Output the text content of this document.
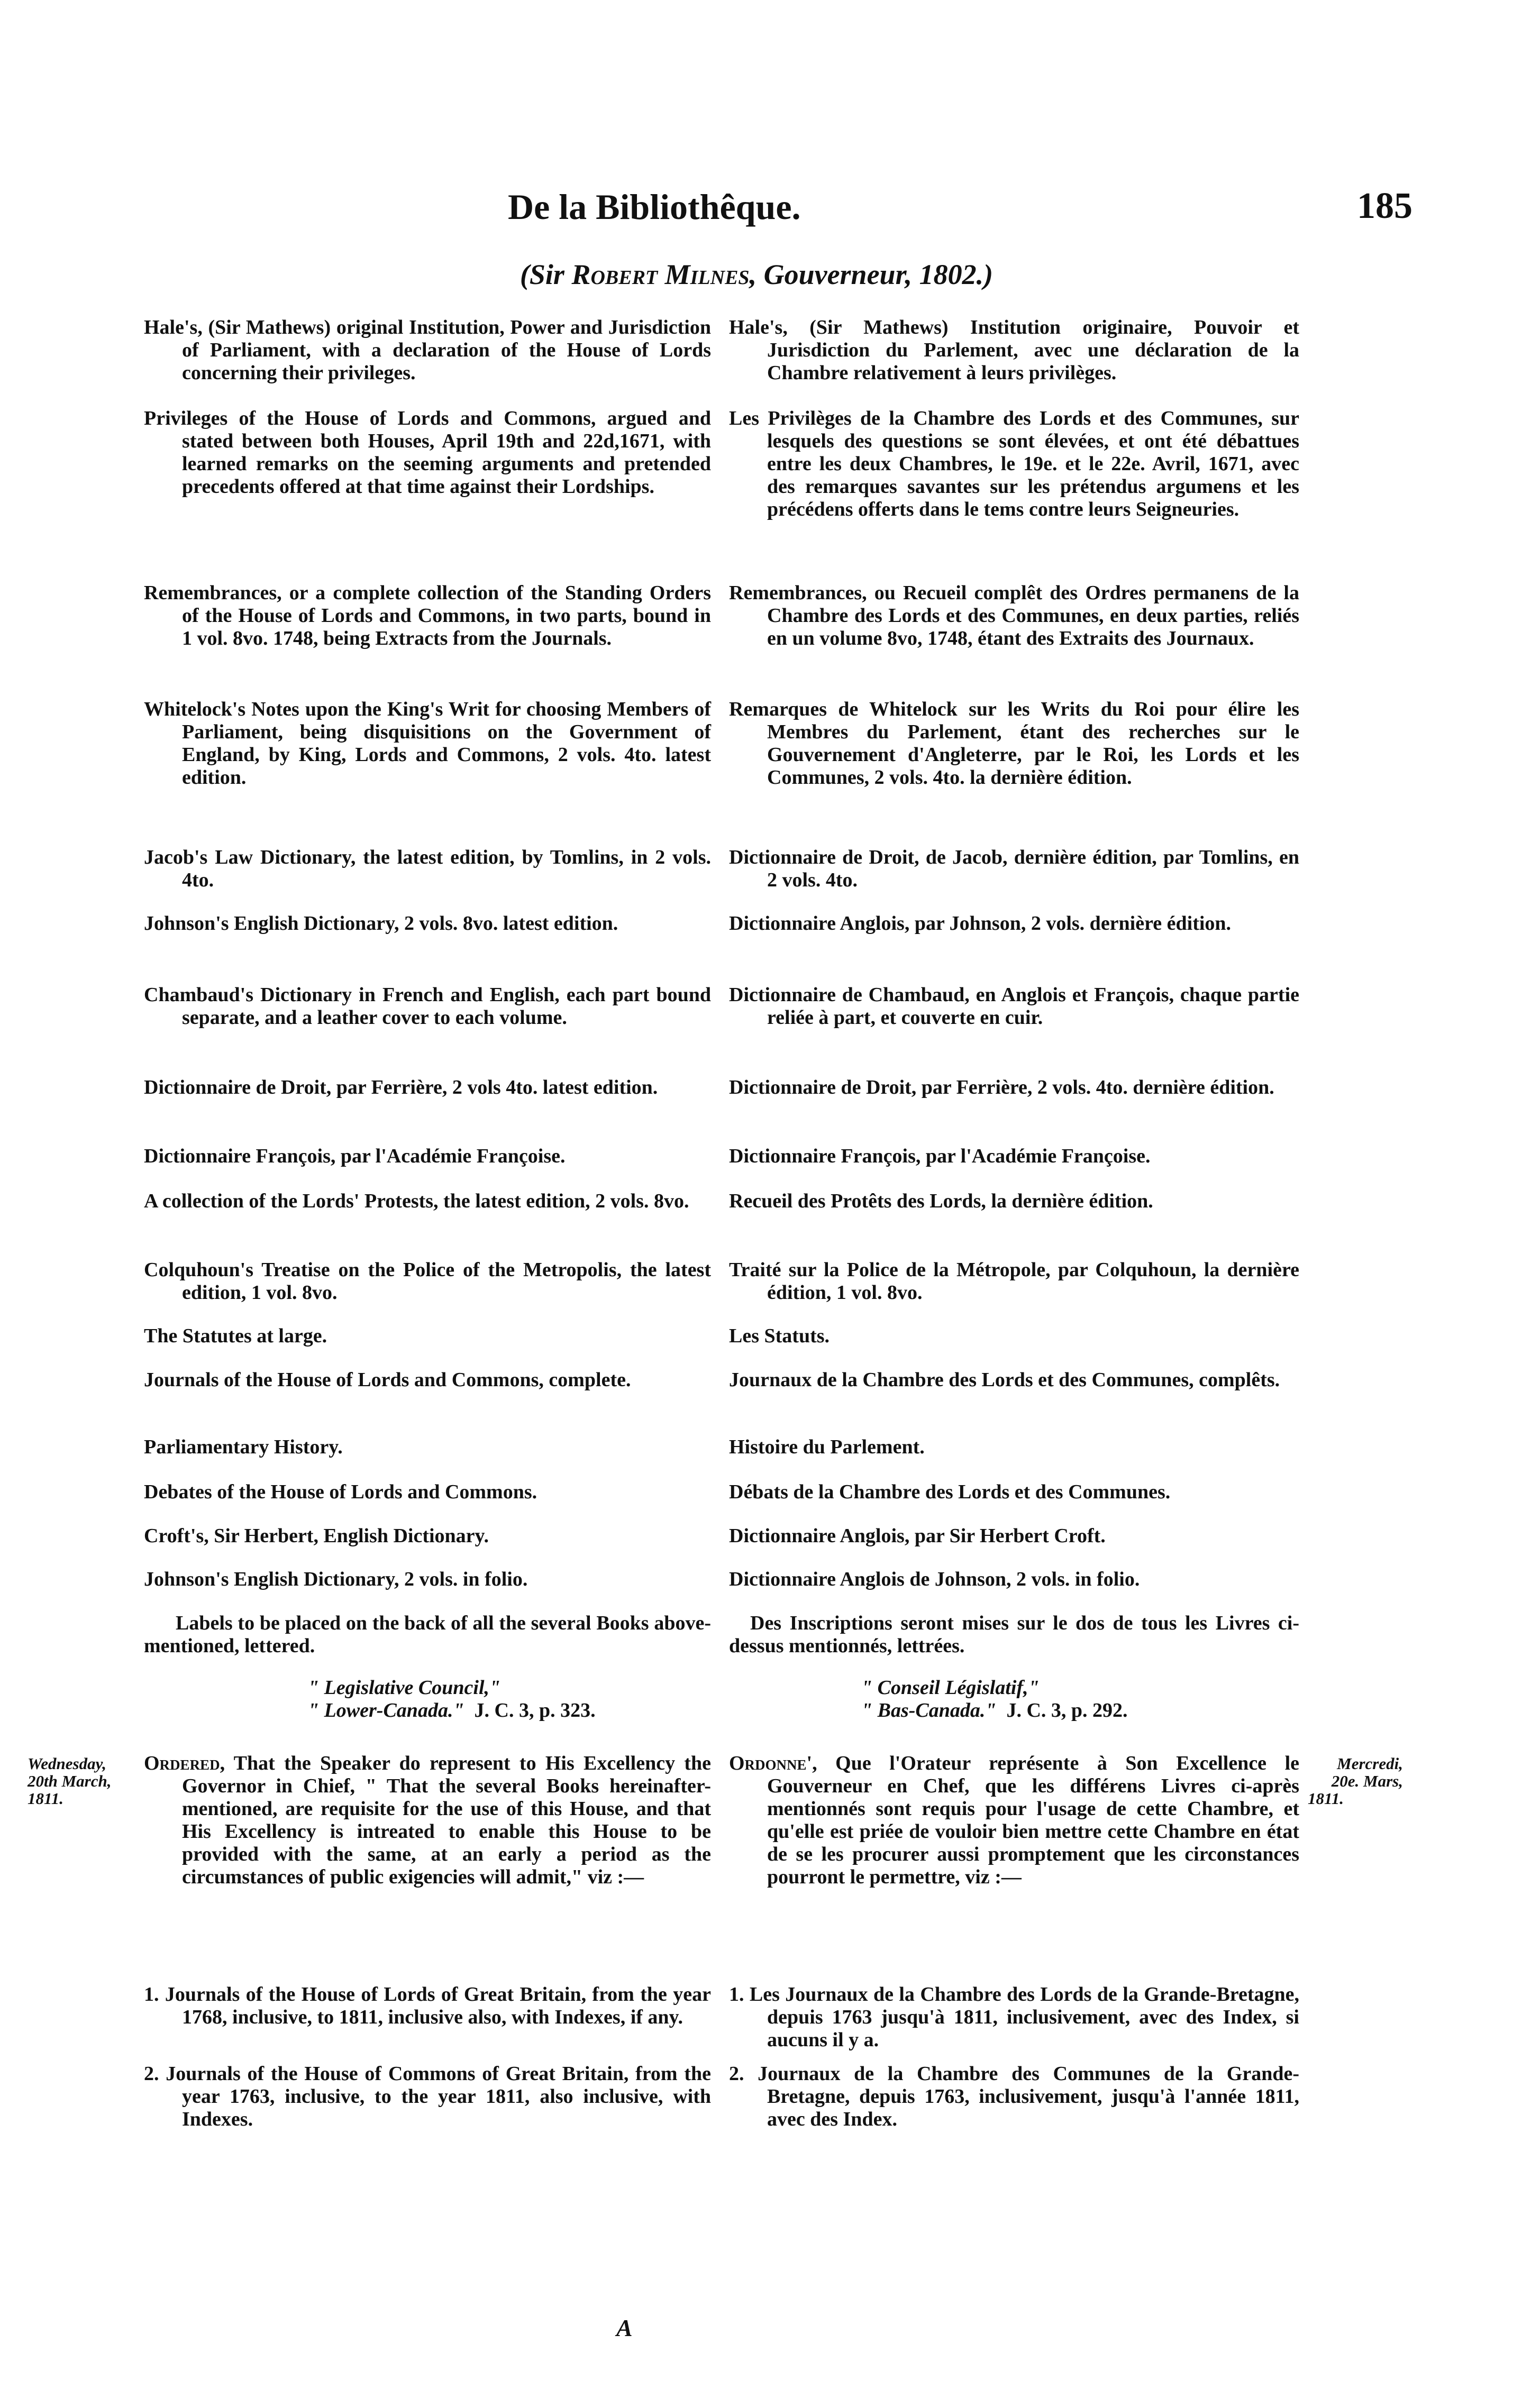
De la Bibliothêque.	185
(Sir Robert Milnes, Gouverneur, 1802.)
Hale's, (Sir Mathews) original Institution, Power and Jurisdiction of Parliament, with a declaration of the House of Lords concerning their privileges.
Privileges of the House of Lords and Commons, argued and stated between both Houses, April 19th and 22d,1671, with learned remarks on the seeming arguments and pretended precedents offered at that time against their Lordships.
Remembrances, or a complete collection of the Standing Orders of the House of Lords and Commons, in two parts, bound in 1 vol. 8vo. 1748, being Extracts from the Journals.
Whitelock's Notes upon the King's Writ for choosing Members of Parliament, being disquisitions on the Government of England, by King, Lords and Commons, 2 vols. 4to. latest edition.
Jacob's Law Dictionary, the latest edition, by Tomlins, in 2 vols. 4to.
Johnson's English Dictionary, 2 vols. 8vo. latest edition.
Chambaud's Dictionary in French and English, each part bound separate, and a leather cover to each volume.
Dictionnaire de Droit, par Ferrière, 2 vols 4to. latest edition.
Dictionnaire François, par l'Académie Françoise.
A collection of the Lords' Protests, the latest edition, 2 vols. 8vo.
Colquhoun's Treatise on the Police of the Metropolis, the latest edition, 1 vol. 8vo.
The Statutes at large.
Journals of the House of Lords and Commons, complete.
Parliamentary History.
Debates of the House of Lords and Commons.
Croft's, Sir Herbert, English Dictionary.
Johnson's English Dictionary, 2 vols. in folio.
Labels to be placed on the back of all the several Books above-mentioned, lettered.
" Legislative Council,"
" Lower-Canada." J. C. 3, p. 323.
Ordered, That the Speaker do represent to His Excellency the Governor in Chief, " That the several Books hereinafter-mentioned, are requisite for the use of this House, and that His Excellency is intreated to enable this House to be provided with the same, at an early a period as the circumstances of public exigencies will admit," viz :—
1. Journals of the House of Lords of Great Britain, from the year 1768, inclusive, to 1811, inclusive also, with Indexes, if any.
2. Journals of the House of Commons of Great Britain, from the year 1763, inclusive, to the year 1811, also inclusive, with Indexes.
Hale's, (Sir Mathews) Institution originaire, Pouvoir et Jurisdiction du Parlement, avec une déclaration de la Chambre relativement à leurs privilèges.
Les Privilèges de la Chambre des Lords et des Communes, sur lesquels des questions se sont élevées, et ont été débattues entre les deux Chambres, le 19e. et le 22e. Avril, 1671, avec des remarques savantes sur les prétendus argumens et les précédens offerts dans le tems contre leurs Seigneuries.
Remembrances, ou Recueil complêt des Ordres permanens de la Chambre des Lords et des Communes, en deux parties, reliés en un volume 8vo, 1748, étant des Extraits des Journaux.
Remarques de Whitelock sur les Writs du Roi pour élire les Membres du Parlement, étant des recherches sur le Gouvernement d'Angleterre, par le Roi, les Lords et les Communes, 2 vols. 4to. la dernière édition.
Dictionnaire de Droit, de Jacob, dernière édition, par Tomlins, en 2 vols. 4to.
Dictionnaire Anglois, par Johnson, 2 vols. dernière édition.
Dictionnaire de Chambaud, en Anglois et François, chaque partie reliée à part, et couverte en cuir.
Dictionnaire de Droit, par Ferrière, 2 vols. 4to. dernière édition.
Dictionnaire François, par l'Académie Françoise.
Recueil des Protêts des Lords, la dernière édition.
Traité sur la Police de la Métropole, par Colquhoun, la dernière édition, 1 vol. 8vo.
Les Statuts.
Journaux de la Chambre des Lords et des Communes, complêts.
Histoire du Parlement.
Débats de la Chambre des Lords et des Communes.
Dictionnaire Anglois, par Sir Herbert Croft.
Dictionnaire Anglois de Johnson, 2 vols. in folio.
Des Inscriptions seront mises sur le dos de tous les Livres ci-dessus mentionnés, lettrées.
" Conseil Législatif,"
" Bas-Canada." J. C. 3, p. 292.
Ordonne', Que l'Orateur représente à Son Excellence le Gouverneur en Chef, que les différens Livres ci-après mentionnés sont requis pour l'usage de cette Chambre, et qu'elle est priée de vouloir bien mettre cette Chambre en état de se les procurer aussi promptement que les circonstances pourront le permettre, viz :—
1. Les Journaux de la Chambre des Lords de la Grande-Bretagne, depuis 1763 jusqu'à 1811, inclusivement, avec des Index, si aucuns il y a.
2. Journaux de la Chambre des Communes de la Grande-Bretagne, depuis 1763, inclusivement, jusqu'à l'année 1811, avec des Index.
Wednesday,
20th March,
1811.
Mercredi,
20e. Mars,
1811.
A
